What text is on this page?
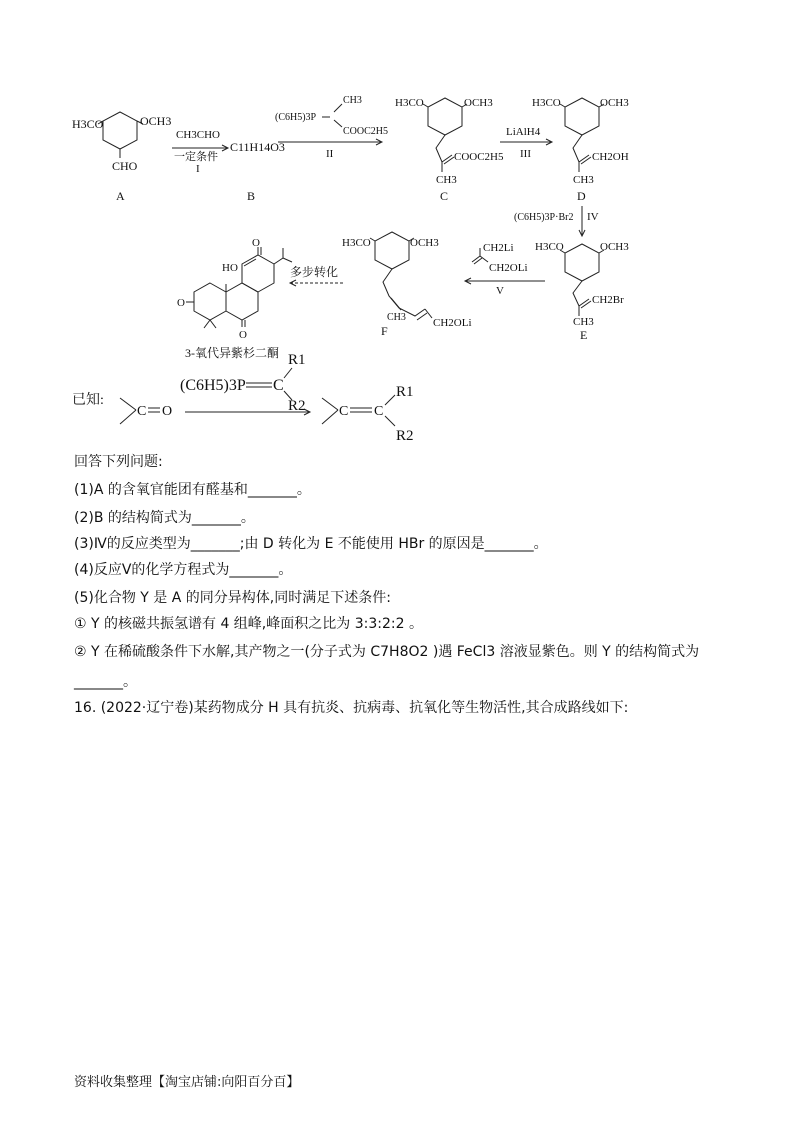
H3CO	OCH3
CHO
A
CH3CHO
一定条件
I
C11H14O3
B
(C6H5)3P
CH3
COOC2H5
II
H3CO	OCH3
COOC2H5
CH3
C
LiAlH4
III
H3CO	OCH3
CH2OH
CH3
D
(C6H5)3P·Br2 IV
H3CO	OCH3
CH2Br
CH3
E
CH2Li
CH2OLi
V
H3CO	OCH3
CH3 CH2OLi
F
多步转化
HO
O
O
O
3-氧代异紫杉二酮
已知:
C O
(C6H5)3P C
R1
R2 C C
R1
R2
回答下列问题:
(1)A 的含氧官能团有醛基和_______。
(2)B 的结构简式为_______。
(3)Ⅳ的反应类型为_______;由 D 转化为 E 不能使用 HBr 的原因是_______。
(4)反应Ⅴ的化学方程式为_______。
(5)化合物 Y 是 A 的同分异构体,同时满足下述条件:
① Y 的核磁共振氢谱有 4 组峰,峰面积之比为 3:3:2:2 。
② Y 在稀硫酸条件下水解,其产物之一(分子式为 C7H8O2 )遇 FeCl3 溶液显紫色。则 Y 的结构简式为
_______。
16. (2022·辽宁卷)某药物成分 H 具有抗炎、抗病毒、抗氧化等生物活性,其合成路线如下:
资料收集整理【淘宝店铺:向阳百分百】
